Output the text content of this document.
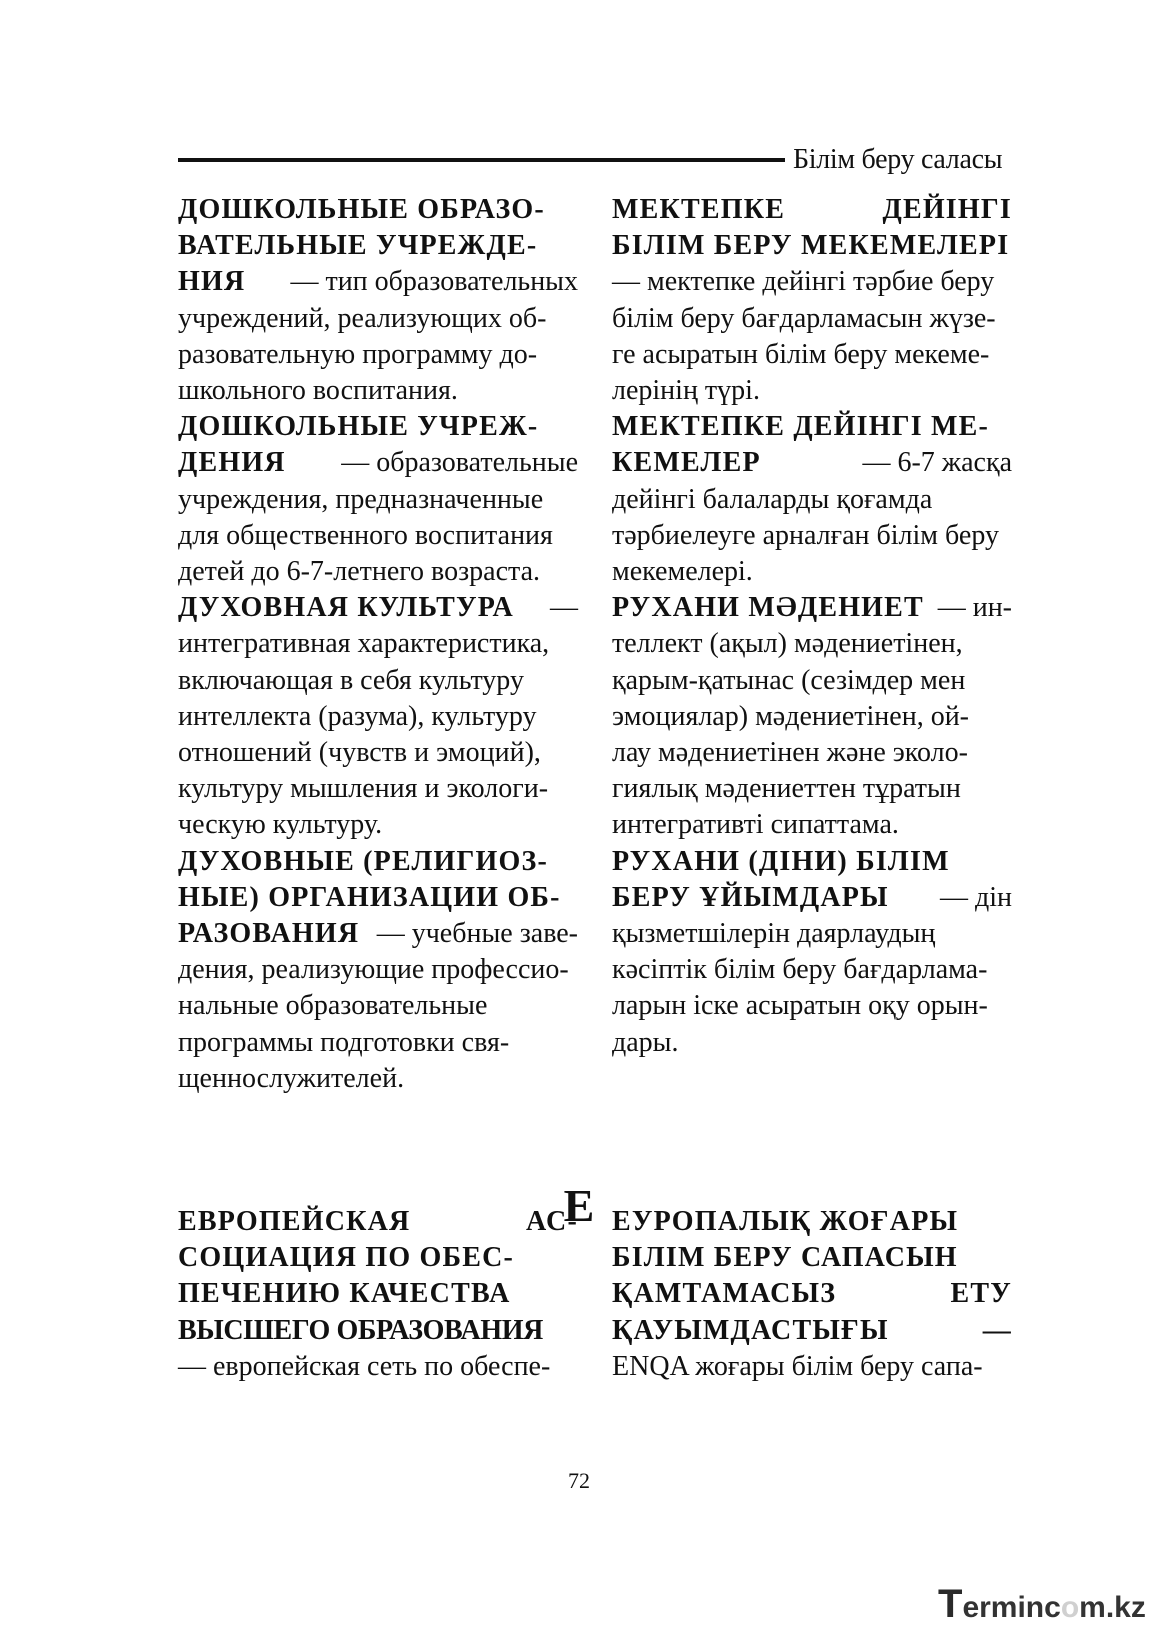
Білім беру саласы
ДОШКОЛЬНЫЕ ОБРАЗО-
ВАТЕЛЬНЫЕ УЧРЕЖДЕ-
НИЯ — тип образовательных
учреждений, реализующих об-
разовательную программу до-
школьного воспитания.
ДОШКОЛЬНЫЕ УЧРЕЖ-
ДЕНИЯ — образовательные
учреждения, предназначенные
для общественного воспитания
детей до 6-7-летнего возраста.
ДУХОВНАЯ КУЛЬТУРА —
интегративная характеристика,
включающая в себя культуру
интеллекта (разума), культуру
отношений (чувств и эмоций),
культуру мышления и экологи-
ческую культуру.
ДУХОВНЫЕ (РЕЛИГИОЗ-
НЫЕ) ОРГАНИЗАЦИИ ОБ-
РАЗОВАНИЯ — учебные заве-
дения, реализующие профессио-
нальные образовательные
программы подготовки свя-
щеннослужителей.
МЕКТЕПКЕ	ДЕЙІНГІ
БІЛІМ БЕРУ МЕКЕМЕЛЕРІ
— мектепке дейінгі тәрбие беру
білім беру бағдарламасын жүзе-
ге асыратын білім беру мекеме-
лерінің түрі.
МЕКТЕПКЕ ДЕЙІНГІ МЕ-
КЕМЕЛЕР	— 6-7 жасқа
дейінгі балаларды қоғамда
тәрбиелеуге арналған білім беру
мекемелері.
РУХАНИ МӘДЕНИЕТ — ин-
теллект (ақыл) мәдениетінен,
қарым-қатынас (сезімдер мен
эмоциялар) мәдениетінен, ой-
лау мәдениетінен және эколо-
гиялық мәдениеттен тұратын
интегративті сипаттама.
РУХАНИ (ДІНИ) БІЛІМ
БЕРУ ҰЙЫМДАРЫ — дін
қызметшілерін даярлаудың
кәсіптік білім беру бағдарлама-
ларын іске асыратын оқу орын-
дары.
Е
ЕВРОПЕЙСКАЯ	АС-
СОЦИАЦИЯ ПО ОБЕС-
ПЕЧЕНИЮ КАЧЕСТВА
ВЫСШЕГО ОБРАЗОВАНИЯ
— европейская сеть по обеспе-
ЕУРОПАЛЫҚ ЖОҒАРЫ
БІЛІМ БЕРУ САПАСЫН
ҚАМТАМАСЫЗ	ЕТУ
ҚАУЫМДАСТЫҒЫ	—
ENQA жоғары білім беру сапа-
72
Termincom.kz
